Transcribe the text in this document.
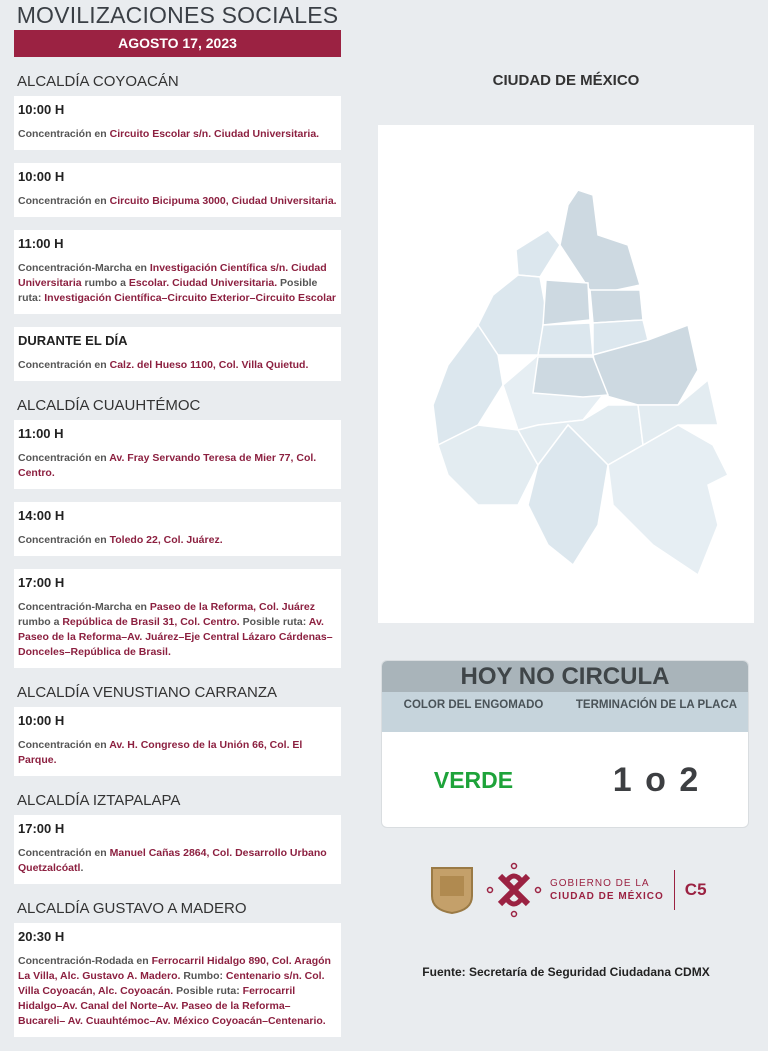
MOVILIZACIONES SOCIALES
AGOSTO 17, 2023
ALCALDÍA COYOACÁN
10:00 H
Concentración en Circuito Escolar s/n. Ciudad Universitaria.
10:00 H
Concentración en Circuito Bicipuma 3000, Ciudad Universitaria.
11:00 H
Concentración-Marcha en Investigación Científica s/n. Ciudad Universitaria rumbo a Escolar. Ciudad Universitaria. Posible ruta: Investigación Científica–Circuito Exterior–Circuito Escolar
DURANTE EL DÍA
Concentración en Calz. del Hueso 1100, Col. Villa Quietud.
ALCALDÍA CUAUHTÉMOC
11:00 H
Concentración en Av. Fray Servando Teresa de Mier 77, Col. Centro.
14:00 H
Concentración en Toledo 22, Col. Juárez.
17:00 H
Concentración-Marcha en Paseo de la Reforma, Col. Juárez rumbo a República de Brasil 31, Col. Centro. Posible ruta: Av. Paseo de la Reforma–Av. Juárez–Eje Central Lázaro Cárdenas–Donceles–República de Brasil.
ALCALDÍA VENUSTIANO CARRANZA
10:00 H
Concentración en Av. H. Congreso de la Unión 66, Col. El Parque.
ALCALDÍA IZTAPALAPA
17:00 H
Concentración en Manuel Cañas 2864, Col. Desarrollo Urbano Quetzalcóatl.
ALCALDÍA GUSTAVO A MADERO
20:30 H
Concentración-Rodada en Ferrocarril Hidalgo 890, Col. Aragón La Villa, Alc. Gustavo A. Madero. Rumbo: Centenario s/n. Col. Villa Coyoacán, Alc. Coyoacán. Posible ruta: Ferrocarril Hidalgo–Av. Canal del Norte–Av. Paseo de la Reforma–Bucareli– Av. Cuauhtémoc–Av. México Coyoacán–Centenario.
CIUDAD DE MÉXICO
HOY NO CIRCULA
COLOR DEL ENGOMADO	TERMINACIÓN DE LA PLACA
VERDE	1 o 2
GOBIERNO DE LA
CIUDAD DE MÉXICO C5
Fuente: Secretaría de Seguridad Ciudadana CDMX
